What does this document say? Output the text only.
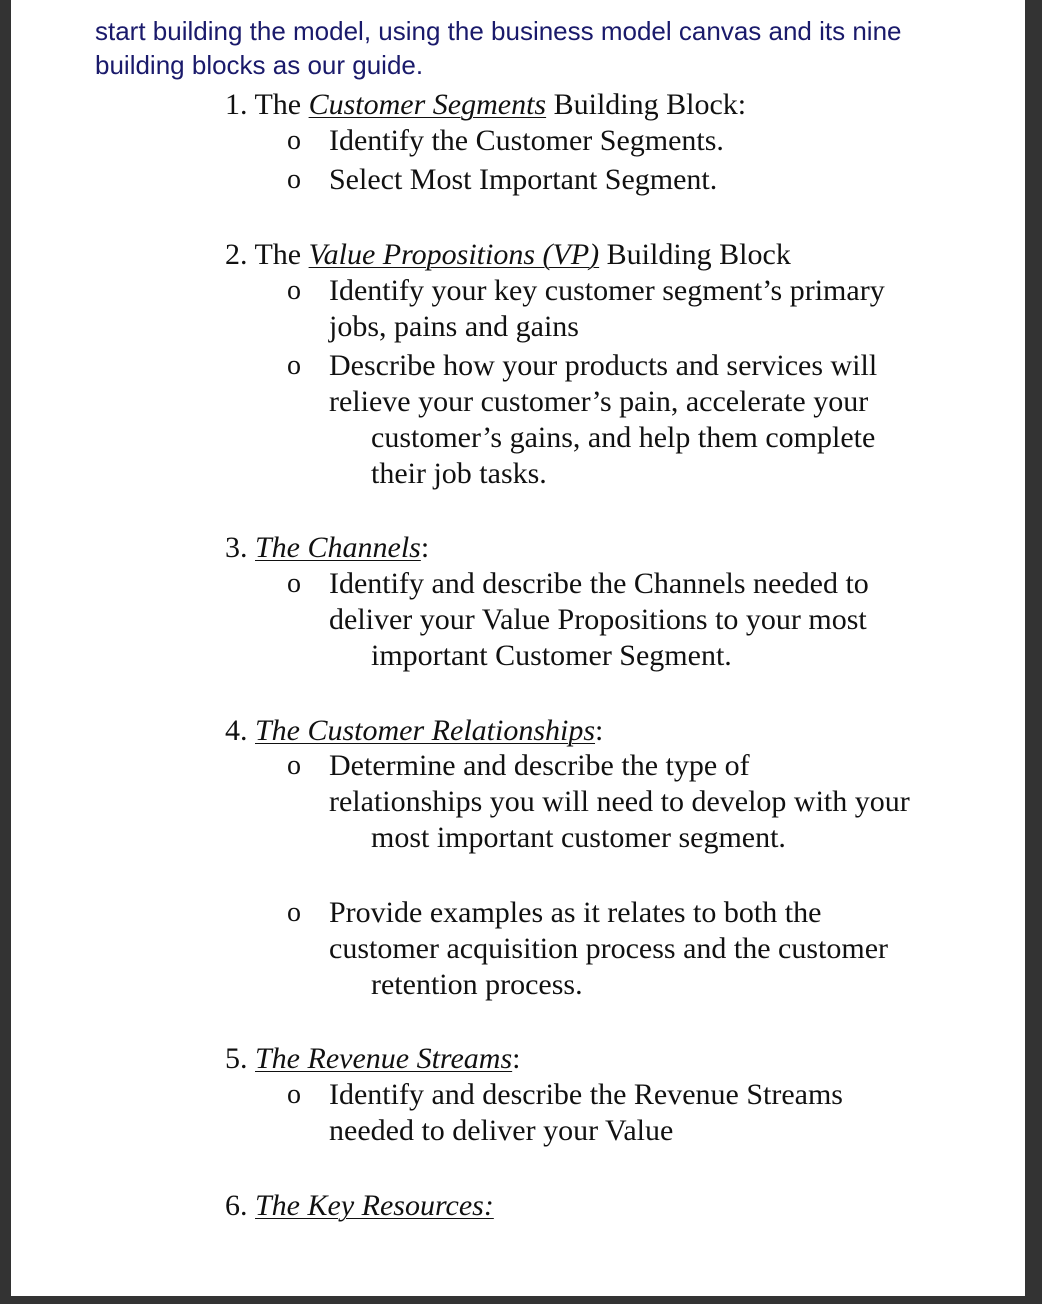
start building the model, using the business model canvas and its nine building blocks as our guide.

1. The Customer Segments Building Block:

o Identify the Customer Segments.
o Select Most Important Segment.

2. The Value Propositions (VP) Building Block

o Identify your key customer segment’s primary
jobs, pains and gains
o Describe how your products and services will
relieve your customer’s pain, accelerate your customer’s gains, and help them complete their job tasks.

3. The Channels:

o Identify and describe the Channels needed to
deliver your Value Propositions to your most important Customer Segment.

4. The Customer Relationships:

o Determine and describe the type of
relationships you will need to develop with your most important customer segment.
o Provide examples as it relates to both the
customer acquisition process and the customer retention process.

5. The Revenue Streams:

o Identify and describe the Revenue Streams
needed to deliver your Value

6. The Key Resources:
